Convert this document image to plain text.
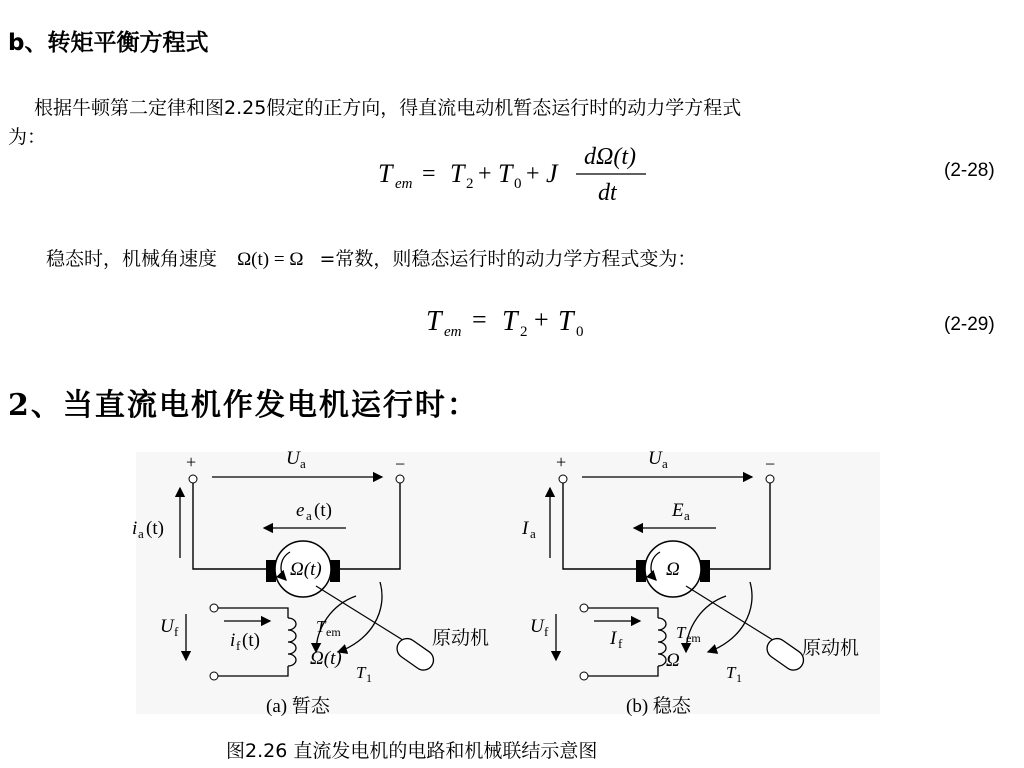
b、转矩平衡方程式
根据牛顿第二定律和图2.25假定的正方向，得直流电动机暂态运行时的动力学方程式
为：
T em = T 2 + T 0 + J
dΩ(t)
dt
(2-28)
稳态时，机械角速度 Ω(t) = Ω =常数，则稳态运行时的动力学方程式变为：
T em = T 2 + T 0	(2-29)
2、当直流电机作发电机运行时：
+	−
U a
i a (t)
e a (t)
Ω(t)
原动机
T em
Ω(t)
T 1
i f (t)
U f
(a) 暂态
+	−
U a
I a
E a
Ω
原动机
T em
Ω
T 1
I f
U f
(b) 稳态
图2.26 直流发电机的电路和机械联结示意图
